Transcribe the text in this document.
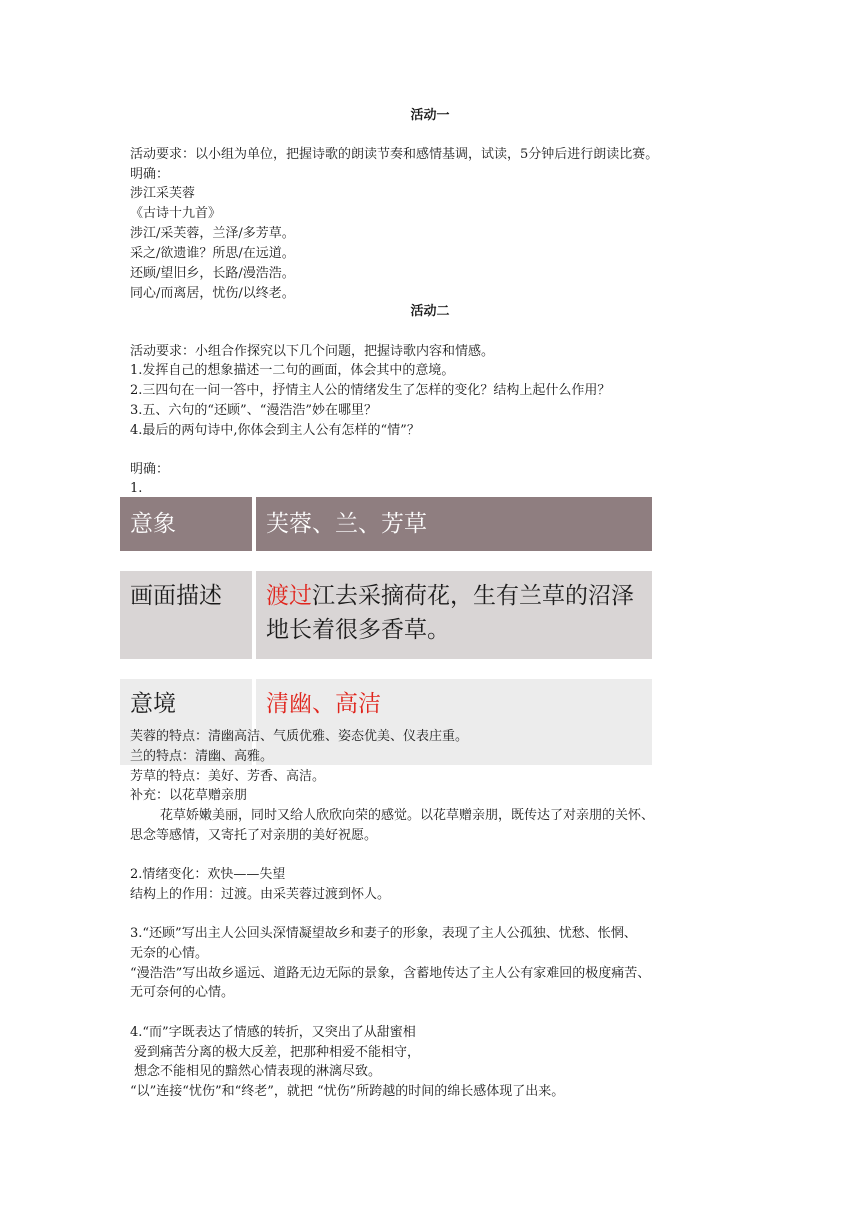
活动一
活动要求：以小组为单位，把握诗歌的朗读节奏和感情基调，试读，5分钟后进行朗读比赛。
明确：
涉江采芙蓉
《古诗十九首》
涉江/采芙蓉，兰泽/多芳草。
采之/欲遗谁？所思/在远道。
还顾/望旧乡，长路/漫浩浩。
同心/而离居，忧伤/以终老。
活动二
活动要求：小组合作探究以下几个问题，把握诗歌内容和情感。
1.发挥自己的想象描述一二句的画面，体会其中的意境。
2.三四句在一问一答中，抒情主人公的情绪发生了怎样的变化？结构上起什么作用？
3.五、六句的“还顾”、“漫浩浩”妙在哪里？
4.最后的两句诗中,你体会到主人公有怎样的“情”？
明确：
1.
意象	芙蓉、兰、芳草

画面描述	渡过江去采摘荷花，生有兰草的沼泽地长着很多香草。

意境	清幽、高洁
芙蓉的特点：清幽高洁、气质优雅、姿态优美、仪表庄重。
兰的特点：清幽、高雅。
芳草的特点：美好、芳香、高洁。
补充：以花草赠亲朋
花草娇嫩美丽，同时又给人欣欣向荣的感觉。以花草赠亲朋，既传达了对亲朋的关怀、
思念等感情，又寄托了对亲朋的美好祝愿。
2.情绪变化：欢快——失望
结构上的作用：过渡。由采芙蓉过渡到怀人。
3.“还顾”写出主人公回头深情凝望故乡和妻子的形象，表现了主人公孤独、忧愁、怅惘、
无奈的心情。
“漫浩浩”写出故乡遥远、道路无边无际的景象，含蓄地传达了主人公有家难回的极度痛苦、
无可奈何的心情。
4.“而”字既表达了情感的转折，又突出了从甜蜜相
爱到痛苦分离的极大反差，把那种相爱不能相守，
想念不能相见的黯然心情表现的淋漓尽致。
“以”连接“忧伤”和“终老”，就把 “忧伤”所跨越的时间的绵长感体现了出来。
